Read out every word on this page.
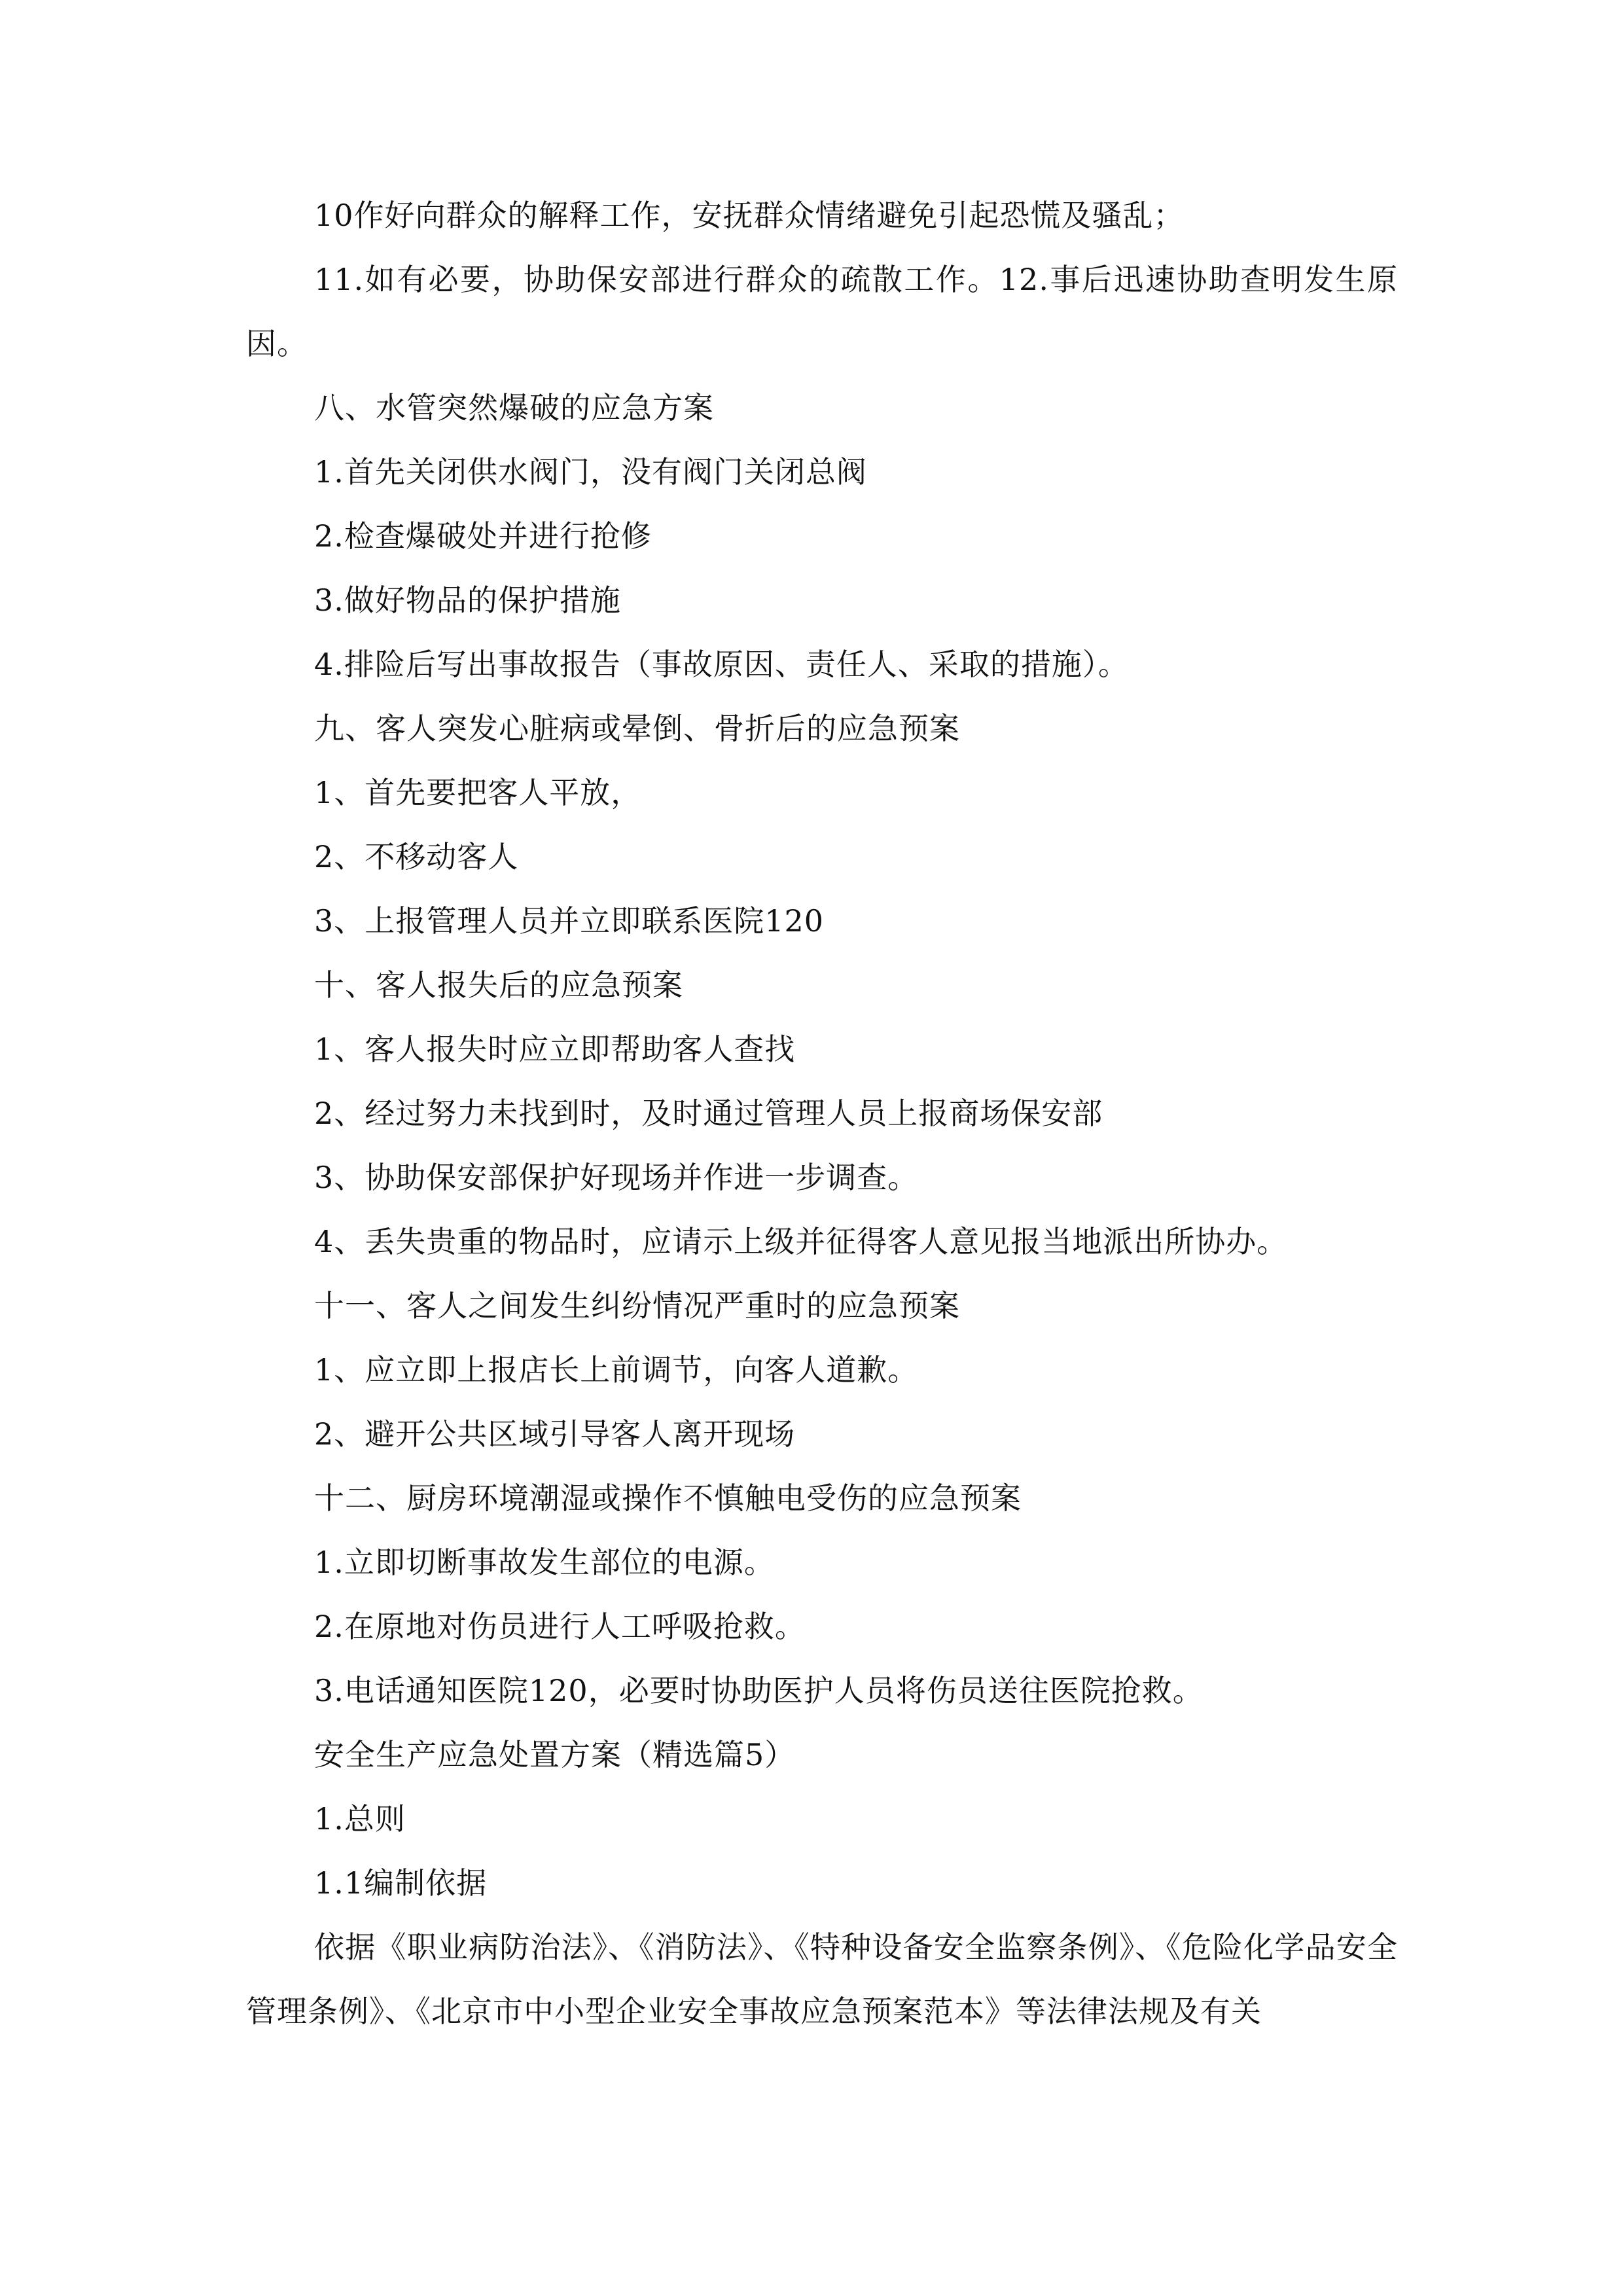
10作好向群众的解释工作，安抚群众情绪避免引起恐慌及骚乱；

11.如有必要，协助保安部进行群众的疏散工作。12.事后迅速协助查明发生原因。

八、水管突然爆破的应急方案

1.首先关闭供水阀门，没有阀门关闭总阀

2.检查爆破处并进行抢修

3.做好物品的保护措施

4.排险后写出事故报告（事故原因、责任人、采取的措施）。

九、客人突发心脏病或晕倒、骨折后的应急预案

1、首先要把客人平放，

2、不移动客人

3、上报管理人员并立即联系医院120

十、客人报失后的应急预案

1、客人报失时应立即帮助客人查找

2、经过努力未找到时，及时通过管理人员上报商场保安部

3、协助保安部保护好现场并作进一步调查。

4、丢失贵重的物品时，应请示上级并征得客人意见报当地派出所协办。

十一、客人之间发生纠纷情况严重时的应急预案

1、应立即上报店长上前调节，向客人道歉。

2、避开公共区域引导客人离开现场

十二、厨房环境潮湿或操作不慎触电受伤的应急预案

1.立即切断事故发生部位的电源。

2.在原地对伤员进行人工呼吸抢救。

3.电话通知医院120，必要时协助医护人员将伤员送往医院抢救。

安全生产应急处置方案（精选篇5）

1.总则

1.1编制依据

依据《职业病防治法》、《消防法》、《特种设备安全监察条例》、《危险化学品安全管理条例》、《北京市中小型企业安全事故应急预案范本》等法律法规及有关
